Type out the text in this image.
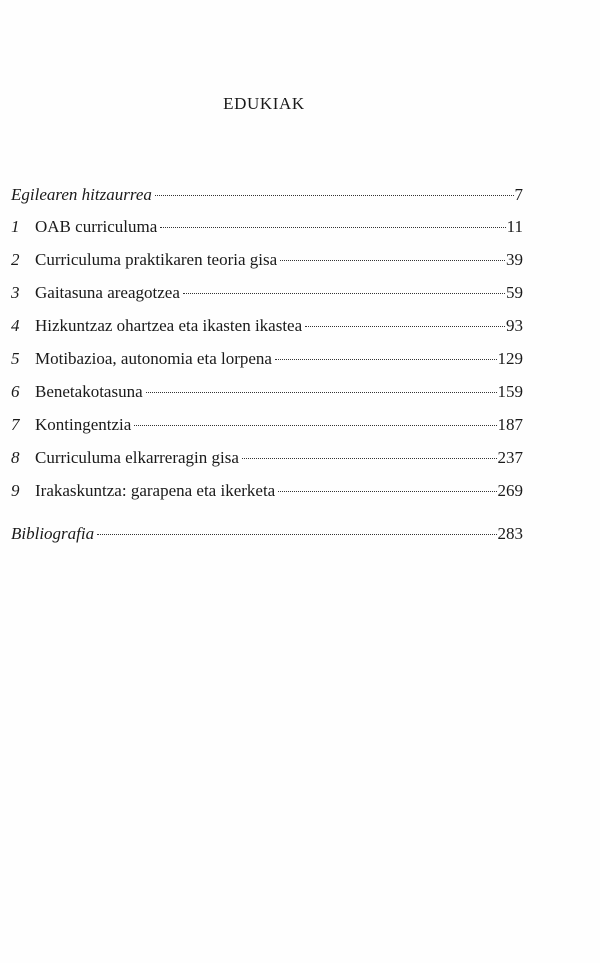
EDUKIAK
Egilearen hitzaurrea	7
1 OAB curriculuma	11
2 Curriculuma praktikaren teoria gisa	39
3 Gaitasuna areagotzea	59
4 Hizkuntzaz ohartzea eta ikasten ikastea	93
5 Motibazioa, autonomia eta lorpena	129
6 Benetakotasuna	159
7 Kontingentzia	187
8 Curriculuma elkarreragin gisa	237
9 Irakaskuntza: garapena eta ikerketa	269
Bibliografia	283
